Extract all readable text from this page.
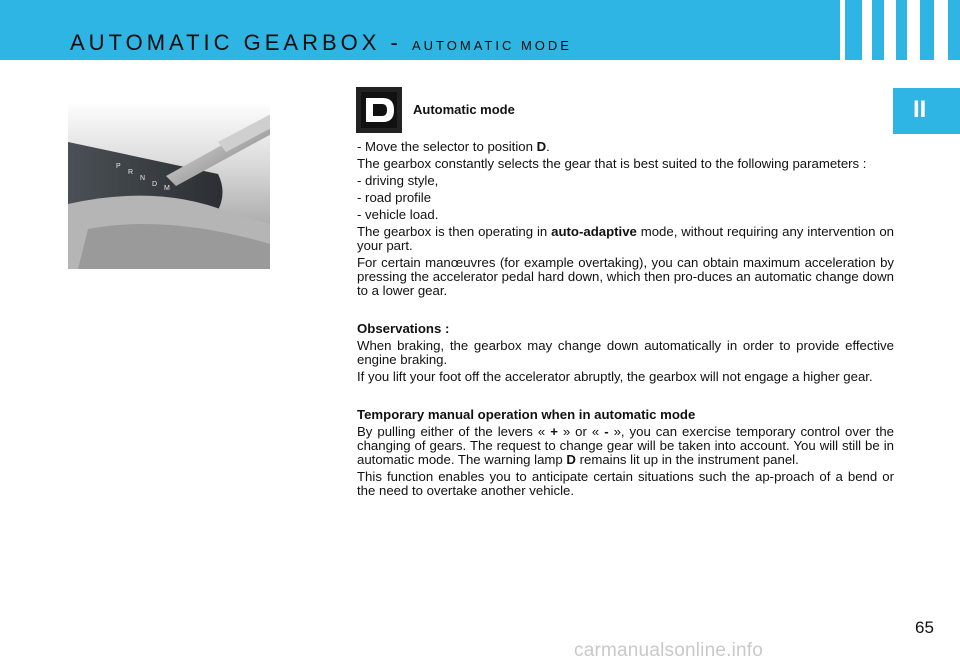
AUTOMATIC GEARBOX - AUTOMATIC MODE
II
P
R
N
D
M
Automatic mode

- Move the selector to position D.

The gearbox constantly selects the gear that is best suited to the following parameters :

- driving style,

- road profile

- vehicle load.

The gearbox is then operating in auto-adaptive mode, without requiring any intervention on your part.

For certain manœuvres (for example overtaking), you can obtain maximum acceleration by pressing the accelerator pedal hard down, which then pro-duces an automatic change down to a lower gear.

Observations :

When braking, the gearbox may change down automatically in order to provide effective engine braking.

If you lift your foot off the accelerator abruptly, the gearbox will not engage a higher gear.

Temporary manual operation when in automatic mode

By pulling either of the levers « + » or « - », you can exercise temporary control over the changing of gears. The request to change gear will be taken into account. You will still be in automatic mode. The warning lamp D remains lit up in the instrument panel.

This function enables you to anticipate certain situations such the ap-proach of a bend or the need to overtake another vehicle.

65
carmanualsonline.info
